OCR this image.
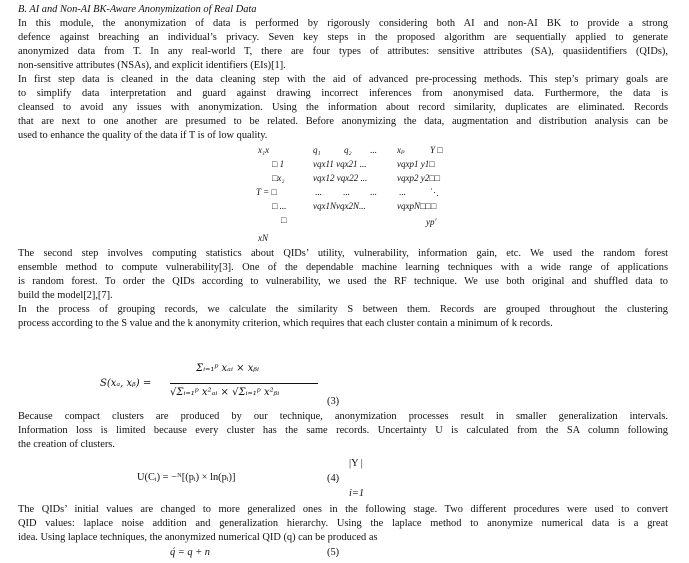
B. AI and Non-AI BK-Aware Anonymization of Real Data
In this module, the anonymization of data is performed by rigorously considering both AI and non-AI BK to provide a strong
defence against breaching an individual’s privacy. Seven key steps in the proposed algorithm are sequentially applied to generate
anonymized data from T. In any real-world T, there are four types of attributes: sensitive attributes (SA), quasiidentifiers (QIDs),
non-sensitive attributes (NSAs), and explicit identifiers (EIs)[1].
In first step data is cleaned in the data cleaning step with the aid of advanced pre-processing methods. This step’s primary goals are
to simplify data interpretation and guard against drawing incorrect inferences from anonymised data. Furthermore, the data is
cleansed to avoid any issues with anonymization. Using the information about record similarity, duplicates are eliminated. Records
that are next to one another are presumed to be related. Before anonymizing the data, augmentation and distribution analysis can be
used to enhance the quality of the data if T is of low quality.
x₁x	q₁	q₂ ... xₚ	Y □
□ 1	vqx11 vqx21 ...	vqxp1 y1□
□x₂	vqx12 vqx22 ...	vqxp2 y2□□
T = □	... ... ... ...	⋱
□ ...	vqx1Nvqx2N...	vqxpN□□□
□	yp′
xN
The second step involves computing statistics about QIDs’ utility, vulnerability, information gain, etc. We used the random forest
ensemble method to compute vulnerability[3]. One of the dependable machine learning techniques with a wide range of applications
is random forest. To order the QIDs according to vulnerability, we used the RF technique. We use both original and shuffled data to
build the model[2],[7].
In the process of grouping records, we calculate the similarity S between them. Records are grouped throughout the clustering
process according to the S value and the k anonymity criterion, which requires that each cluster contain a minimum of k records.
S(xₐ, xᵦ) =
Σᵢ₌₁ᵖ xₐᵢ × xᵦᵢ
√Σᵢ₌₁ᵖ x²ₐᵢ × √Σᵢ₌₁ᵖ x²ᵦᵢ
(3)
Because compact clusters are produced by our technique, anonymization processes result in smaller generalization intervals.
Information loss is limited because every cluster has the same records. Uncertainty U is calculated from the SA column following
the creation of clusters.
|Y |
U(Cᵢ) = −ᴺ[(pᵢ) × ln(pᵢ)]	(4)
i=1
The QIDs’ initial values are changed to more generalized ones in the following stage. Two different procedures were used to convert
QID values: laplace noise addition and generalization hierarchy. Using the laplace method to anonymize numerical data is a great
idea. Using laplace techniques, the anonymized numerical QID (q) can be produced as
q́ = q + n	(5)
